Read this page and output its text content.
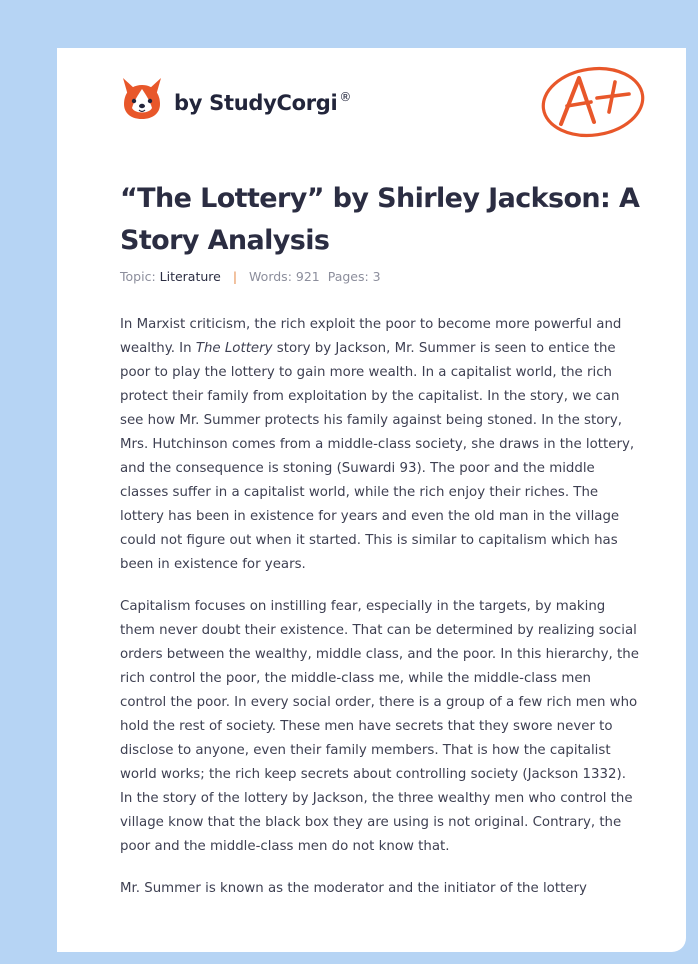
by StudyCorgi ®
“The Lottery” by Shirley Jackson: A Story Analysis
Topic: Literature | Words: 921 Pages: 3

In Marxist criticism, the rich exploit the poor to become more powerful and wealthy. In The Lottery story by Jackson, Mr. Summer is seen to entice the poor to play the lottery to gain more wealth. In a capitalist world, the rich protect their family from exploitation by the capitalist. In the story, we can see how Mr. Summer protects his family against being stoned. In the story, Mrs. Hutchinson comes from a middle-class society, she draws in the lottery, and the consequence is stoning (Suwardi 93). The poor and the middle classes suffer in a capitalist world, while the rich enjoy their riches. The lottery has been in existence for years and even the old man in the village could not figure out when it started. This is similar to capitalism which has been in existence for years.

Capitalism focuses on instilling fear, especially in the targets, by making them never doubt their existence. That can be determined by realizing social orders between the wealthy, middle class, and the poor. In this hierarchy, the rich control the poor, the middle-class me, while the middle-class men control the poor. In every social order, there is a group of a few rich men who hold the rest of society. These men have secrets that they swore never to disclose to anyone, even their family members. That is how the capitalist world works; the rich keep secrets about controlling society (Jackson 1332). In the story of the lottery by Jackson, the three wealthy men who control the village know that the black box they are using is not original. Contrary, the poor and the middle-class men do not know that.

Mr. Summer is known as the moderator and the initiator of the lottery
